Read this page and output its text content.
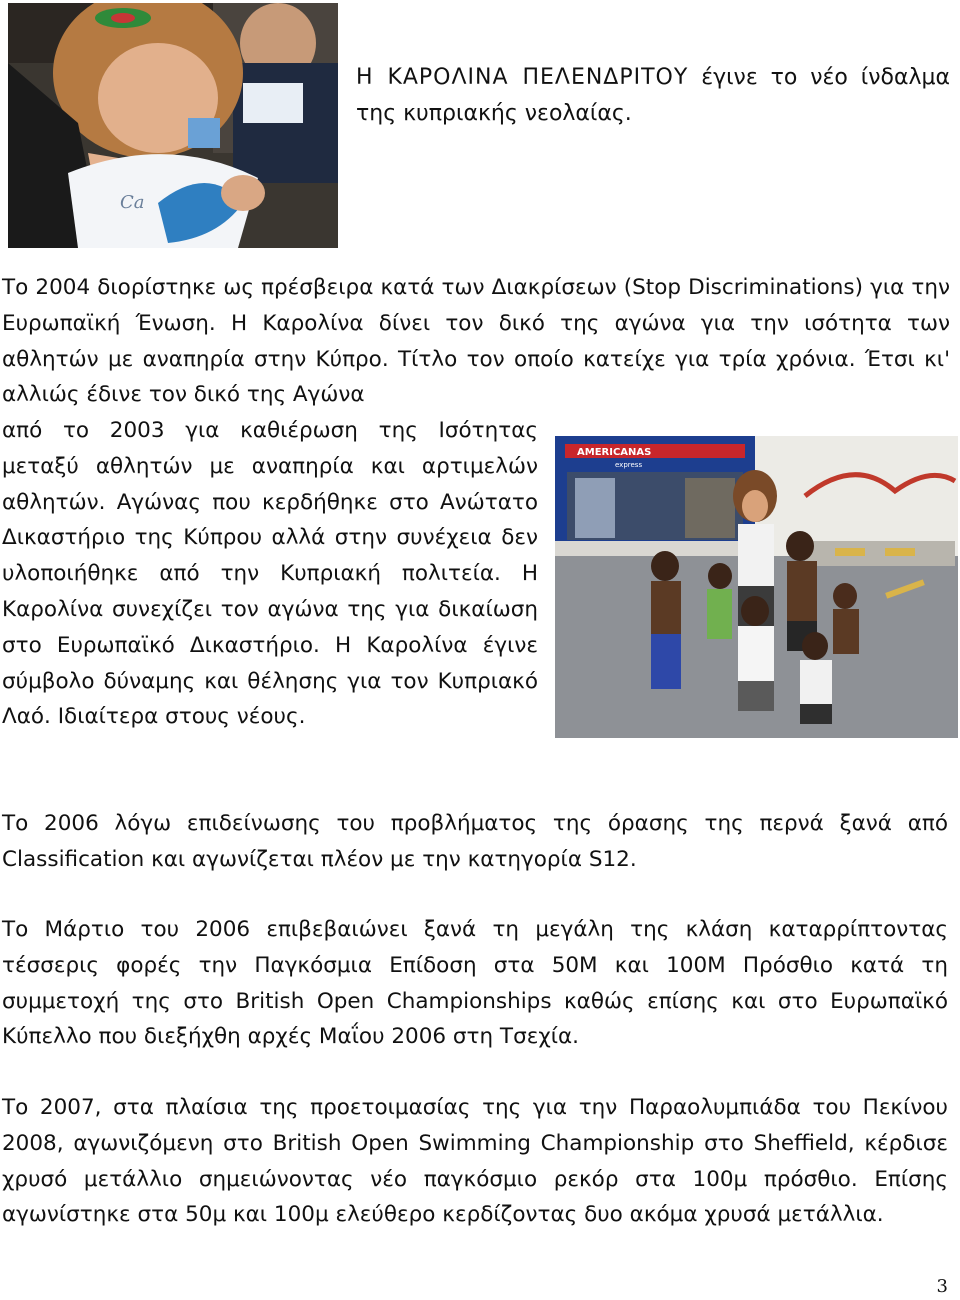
Ca
Η ΚΑΡΟΛΙΝΑ ΠΕΛΕΝΔΡΙΤΟΥ έγινε το νέο ίνδαλμα της κυπριακής νεολαίας.
Το 2004 διορίστηκε ως πρέσβειρα κατά των Διακρίσεων (Stop Discriminations) για την Ευρωπαϊκή Ένωση. Η Καρολίνα δίνει τον δικό της αγώνα για την ισότητα των αθλητών με αναπηρία στην Κύπρο. Τίτλο τον οποίο κατείχε για τρία χρόνια. Έτσι κι' αλλιώς έδινε τον δικό της Αγώνα
από το 2003 για καθιέρωση της Ισότητας μεταξύ αθλητών με αναπηρία και αρτιμελών αθλητών. Αγώνας που κερδήθηκε στο Ανώτατο Δικαστήριο της Κύπρου αλλά στην συνέχεια δεν υλοποιήθηκε από την Κυπριακή πολιτεία. Η Καρολίνα συνεχίζει τον αγώνα της για δικαίωση στο Ευρωπαϊκό Δικαστήριο. Η Καρολίνα έγινε σύμβολο δύναμης και θέλησης για τον Κυπριακό Λαό. Ιδιαίτερα στους νέους.
AMERICANAS
express
Το 2006 λόγω επιδείνωσης του προβλήματος της όρασης της περνά ξανά από Classification και αγωνίζεται πλέον με την κατηγορία S12.
Το Μάρτιο του 2006 επιβεβαιώνει ξανά τη μεγάλη της κλάση καταρρίπτοντας τέσσερις φορές την Παγκόσμια Επίδοση στα 50Μ και 100Μ Πρόσθιο κατά τη συμμετοχή της στο British Open Championships καθώς επίσης και στο Ευρωπαϊκό Κύπελλο που διεξήχθη αρχές Μαΐου 2006 στη Τσεχία.
Το 2007, στα πλαίσια της προετοιμασίας της για την Παραολυμπιάδα του Πεκίνου 2008, αγωνιζόμενη στο British Open Swimming Championship στο Sheffield, κέρδισε χρυσό μετάλλιο σημειώνοντας νέο παγκόσμιο ρεκόρ στα 100μ πρόσθιο. Επίσης αγωνίστηκε στα 50μ και 100μ ελεύθερο κερδίζοντας δυο ακόμα χρυσά μετάλλια.
3
